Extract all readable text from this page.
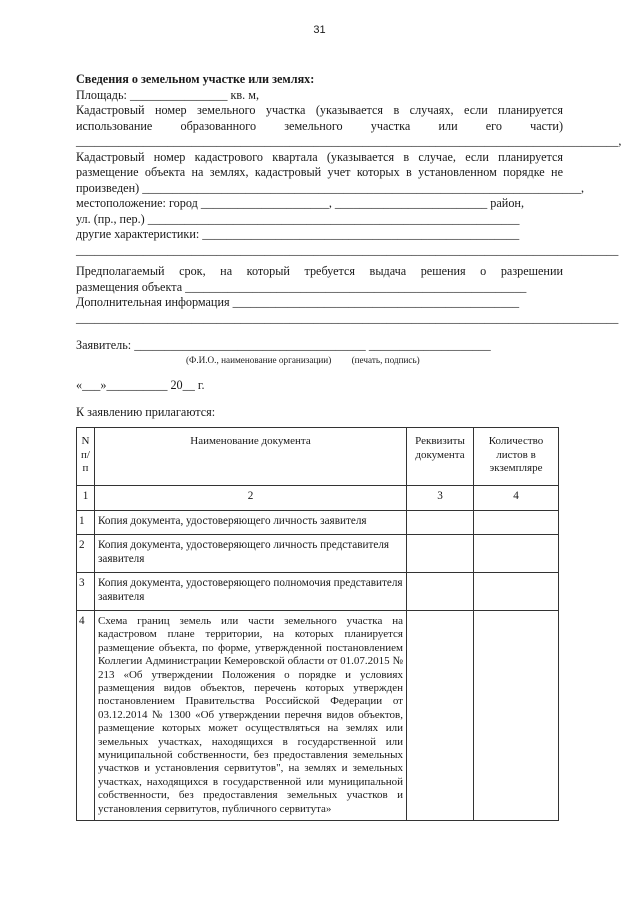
31
Сведения о земельном участке или землях:
Площадь: ________________ кв. м,
Кадастровый номер земельного участка (указывается в случаях, если планируется
использование образованного земельного участка или его части)
_________________________________________________________________________________________,
Кадастровый номер кадастрового квартала (указывается в случае, если планируется
размещение объекта на землях, кадастровый учет которых в установленном порядке не
произведен) ________________________________________________________________________,
местоположение: город _____________________, _________________________ район,
ул. (пр., пер.) _____________________________________________________________
другие характеристики: ____________________________________________________
_________________________________________________________________________________________
Предполагаемый срок, на который требуется выдача решения о разрешении
размещения объекта ________________________________________________________
Дополнительная информация _______________________________________________
_________________________________________________________________________________________
Заявитель: ______________________________________ ____________________
(Ф.И.О., наименование организации) (печать, подпись)
«___»__________ 20__ г.
К заявлению прилагаются:
N п/п	Наименование документа	Реквизиты документа	Количество листов в экземпляре
1	2	3	4
1	Копия документа, удостоверяющего личность заявителя		
2	Копия документа, удостоверяющего личность представителя заявителя		
3	Копия документа, удостоверяющего полномочия представителя заявителя		
4	Схема границ земель или части земельного участка на кадастровом плане территории, на которых планируется размещение объекта, по форме, утвержденной постановлением Коллегии Администрации Кемеровской области от 01.07.2015 № 213 «Об утверждении Положения о порядке и условиях размещения видов объектов, перечень которых утвержден постановлением Правительства Российской Федерации от 03.12.2014 № 1300 «Об утверждении перечня видов объектов, размещение которых может осуществляться на землях или земельных участках, находящихся в государственной или муниципальной собственности, без предоставления земельных участков и установления сервитутов", на землях и земельных участках, находящихся в государственной или муниципальной собственности, без предоставления земельных участков и установления сервитутов, публичного сервитута»		
